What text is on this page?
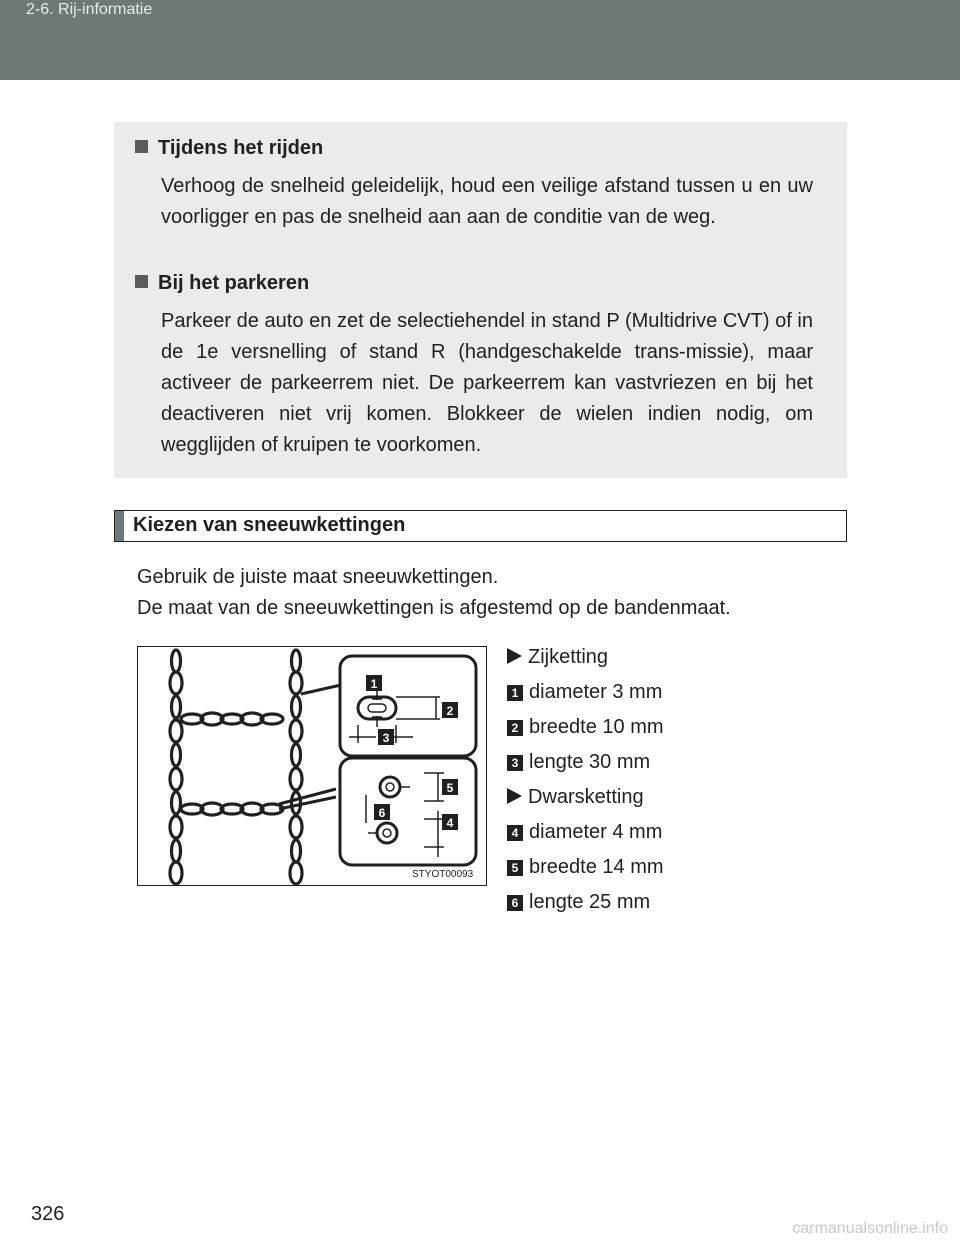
2-6. Rij-informatie
Tijdens het rijden

Verhoog de snelheid geleidelijk, houd een veilige afstand tussen u en uw voorligger en pas de snelheid aan aan de conditie van de weg.

Bij het parkeren

Parkeer de auto en zet de selectiehendel in stand P (Multidrive CVT) of in de 1e versnelling of stand R (handgeschakelde trans-missie), maar activeer de parkeerrem niet. De parkeerrem kan vastvriezen en bij het deactiveren niet vrij komen. Blokkeer de wielen indien nodig, om wegglijden of kruipen te voorkomen.

Kiezen van sneeuwkettingen
Gebruik de juiste maat sneeuwkettingen.
De maat van de sneeuwkettingen is afgestemd op de bandenmaat.
1
2
3
4
5
6
STYOT00093
Zijketting
1 diameter 3 mm
2 breedte 10 mm
3 lengte 30 mm
Dwarsketting
4 diameter 4 mm
5 breedte 14 mm
6 lengte 25 mm
326
carmanualsonline.info
